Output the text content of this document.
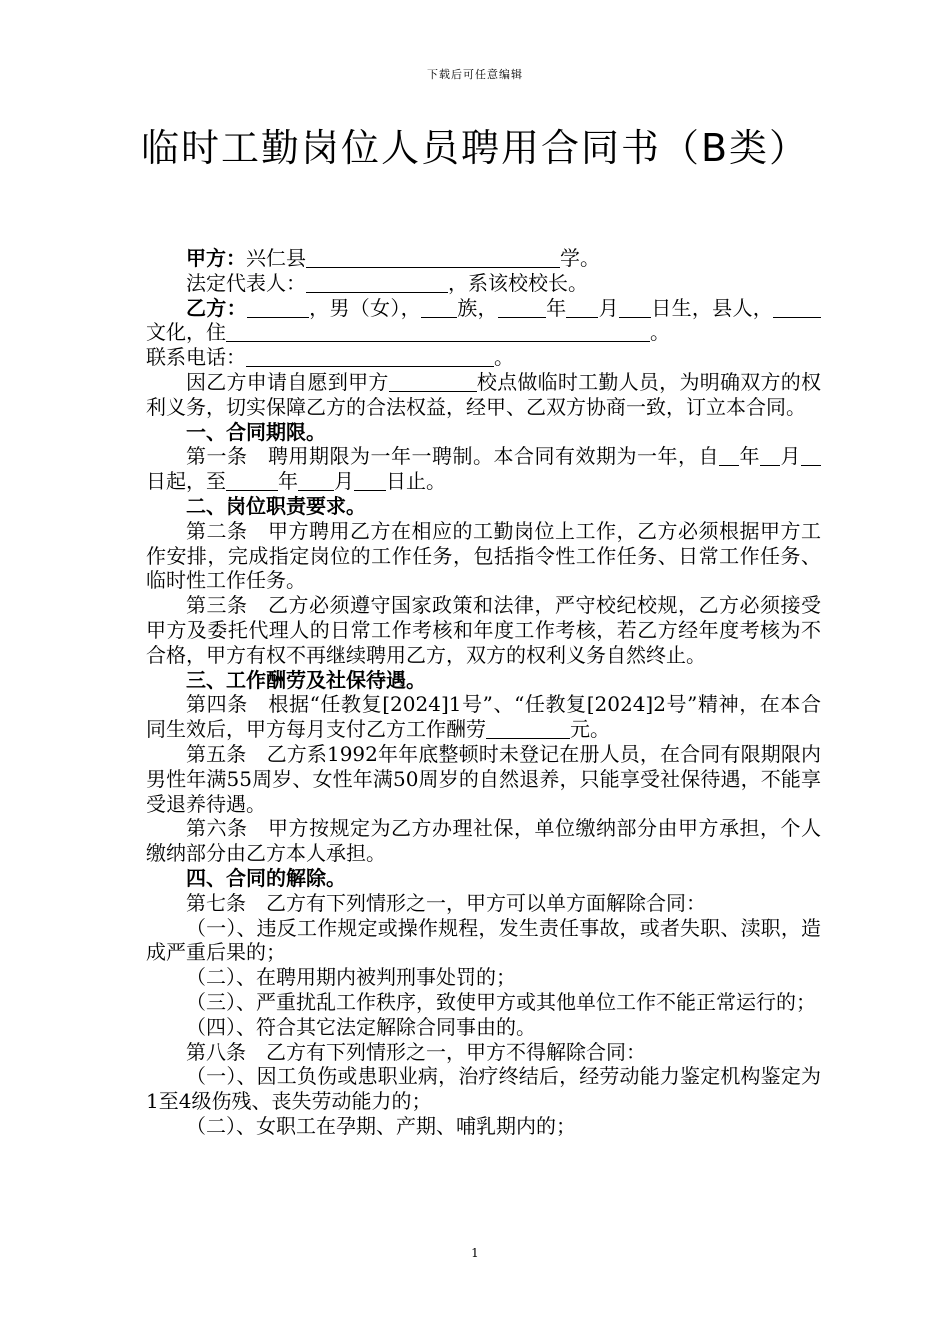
下载后可任意编辑
临时工勤岗位人员聘用合同书（B类）

甲方：兴仁县	学。

法定代表人：	，系该校校长。

乙方：	，男（女）， 族， 年 月 日生，县人，文化，住	。

联系电话：	。

因乙方申请自愿到甲方	校点做临时工勤人员，为明确双方的权利义务，切实保障乙方的合法权益，经甲、乙双方协商一致，订立本合同。

一、合同期限。

第一条　聘用期限为一年一聘制。本合同有效期为一年，自 年 月日起，至	年 月 日止。

二、岗位职责要求。

第二条　甲方聘用乙方在相应的工勤岗位上工作，乙方必须根据甲方工作安排，完成指定岗位的工作任务，包括指令性工作任务、日常工作任务、临时性工作任务。

第三条　乙方必须遵守国家政策和法律，严守校纪校规，乙方必须接受甲方及委托代理人的日常工作考核和年度工作考核，若乙方经年度考核为不合格，甲方有权不再继续聘用乙方，双方的权利义务自然终止。

三、工作酬劳及社保待遇。

第四条　根据“任教复[2024]1号”、“任教复[2024]2号”精神，在本合同生效后，甲方每月支付乙方工作酬劳	元。

第五条　乙方系1992年年底整顿时未登记在册人员，在合同有限期限内男性年满55周岁、女性年满50周岁的自然退养，只能享受社保待遇，不能享受退养待遇。

第六条　甲方按规定为乙方办理社保，单位缴纳部分由甲方承担，个人缴纳部分由乙方本人承担。

四、合同的解除。

第七条　乙方有下列情形之一，甲方可以单方面解除合同：

（一）、违反工作规定或操作规程，发生责任事故，或者失职、渎职，造成严重后果的；

（二）、在聘用期内被判刑事处罚的；

（三）、严重扰乱工作秩序，致使甲方或其他单位工作不能正常运行的；

（四）、符合其它法定解除合同事由的。

第八条　乙方有下列情形之一，甲方不得解除合同：

（一）、因工负伤或患职业病，治疗终结后，经劳动能力鉴定机构鉴定为1至4级伤残、丧失劳动能力的；

（二）、女职工在孕期、产期、哺乳期内的；

1
